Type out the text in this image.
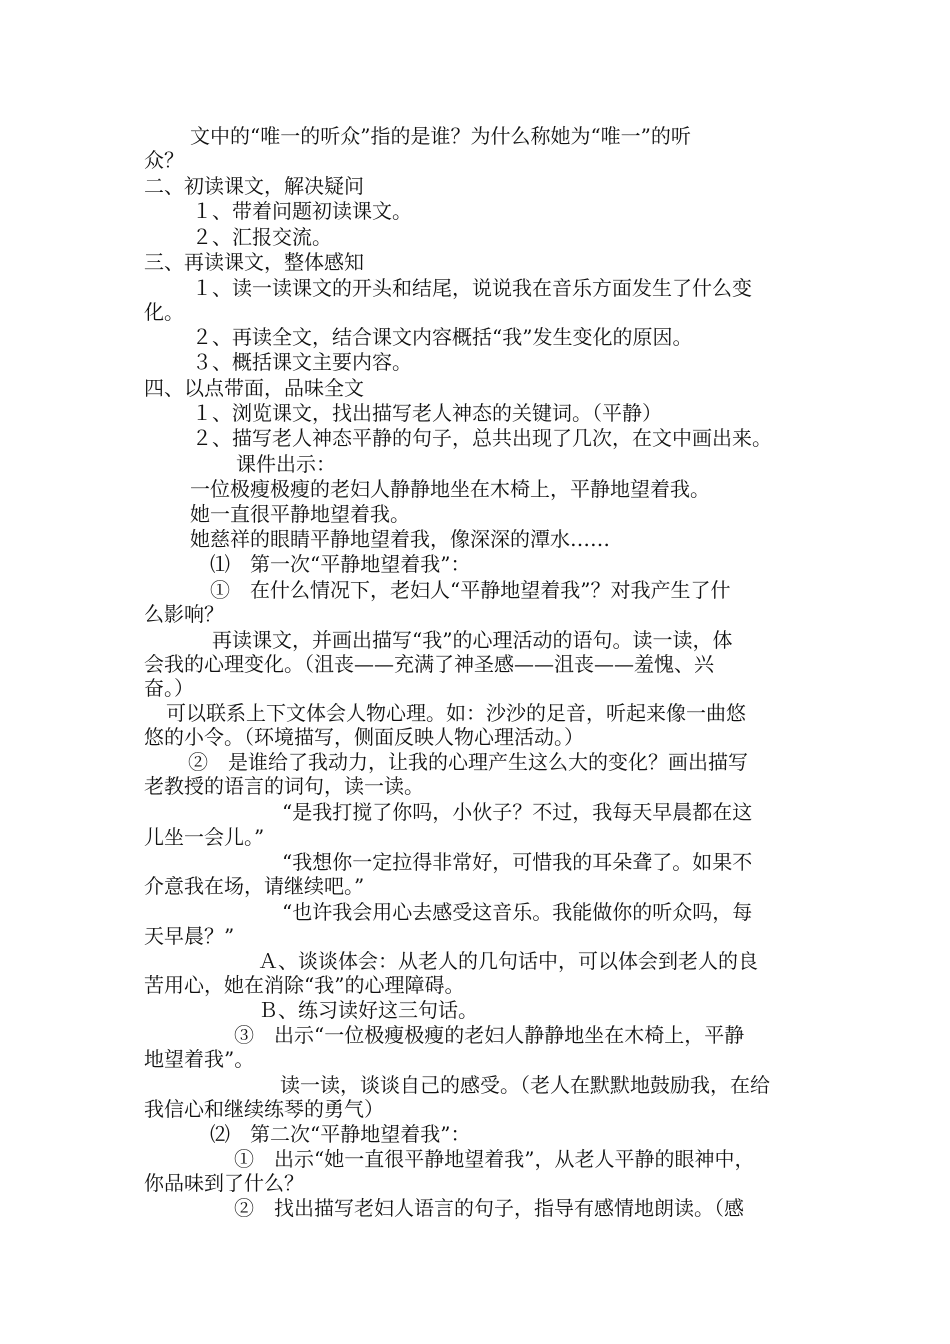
文中的“唯一的听众”指的是谁？为什么称她为“唯一”的听

众？

二、初读课文，解决疑问

１、带着问题初读课文。

２、汇报交流。

三、再读课文，整体感知

１、读一读课文的开头和结尾，说说我在音乐方面发生了什么变

化。

２、再读全文，结合课文内容概括“我”发生变化的原因。

３、概括课文主要内容。

四、以点带面，品味全文

１、浏览课文，找出描写老人神态的关键词。（平静）

２、描写老人神态平静的句子，总共出现了几次，在文中画出来。

课件出示：

一位极瘦极瘦的老妇人静静地坐在木椅上，平静地望着我。

她一直很平静地望着我。

她慈祥的眼睛平静地望着我，像深深的潭水……

⑴　第一次“平静地望着我”：

①　在什么情况下，老妇人“平静地望着我”？对我产生了什

么影响？

再读课文，并画出描写“我”的心理活动的语句。读一读，体

会我的心理变化。（沮丧——充满了神圣感——沮丧——羞愧、兴

奋。）

可以联系上下文体会人物心理。如：沙沙的足音，听起来像一曲悠

悠的小令。（环境描写，侧面反映人物心理活动。）

②　是谁给了我动力，让我的心理产生这么大的变化？画出描写

老教授的语言的词句，读一读。

“是我打搅了你吗，小伙子？不过，我每天早晨都在这

儿坐一会儿。”

“我想你一定拉得非常好，可惜我的耳朵聋了。如果不

介意我在场，请继续吧。”

“也许我会用心去感受这音乐。我能做你的听众吗，每

天早晨？”

Ａ、谈谈体会：从老人的几句话中，可以体会到老人的良

苦用心，她在消除“我”的心理障碍。

Ｂ、练习读好这三句话。

③　出示“一位极瘦极瘦的老妇人静静地坐在木椅上，平静

地望着我”。

读一读，谈谈自己的感受。（老人在默默地鼓励我，在给

我信心和继续练琴的勇气）

⑵　第二次“平静地望着我”：

①　出示“她一直很平静地望着我”，从老人平静的眼神中，

你品味到了什么？

②　找出描写老妇人语言的句子，指导有感情地朗读。（感
